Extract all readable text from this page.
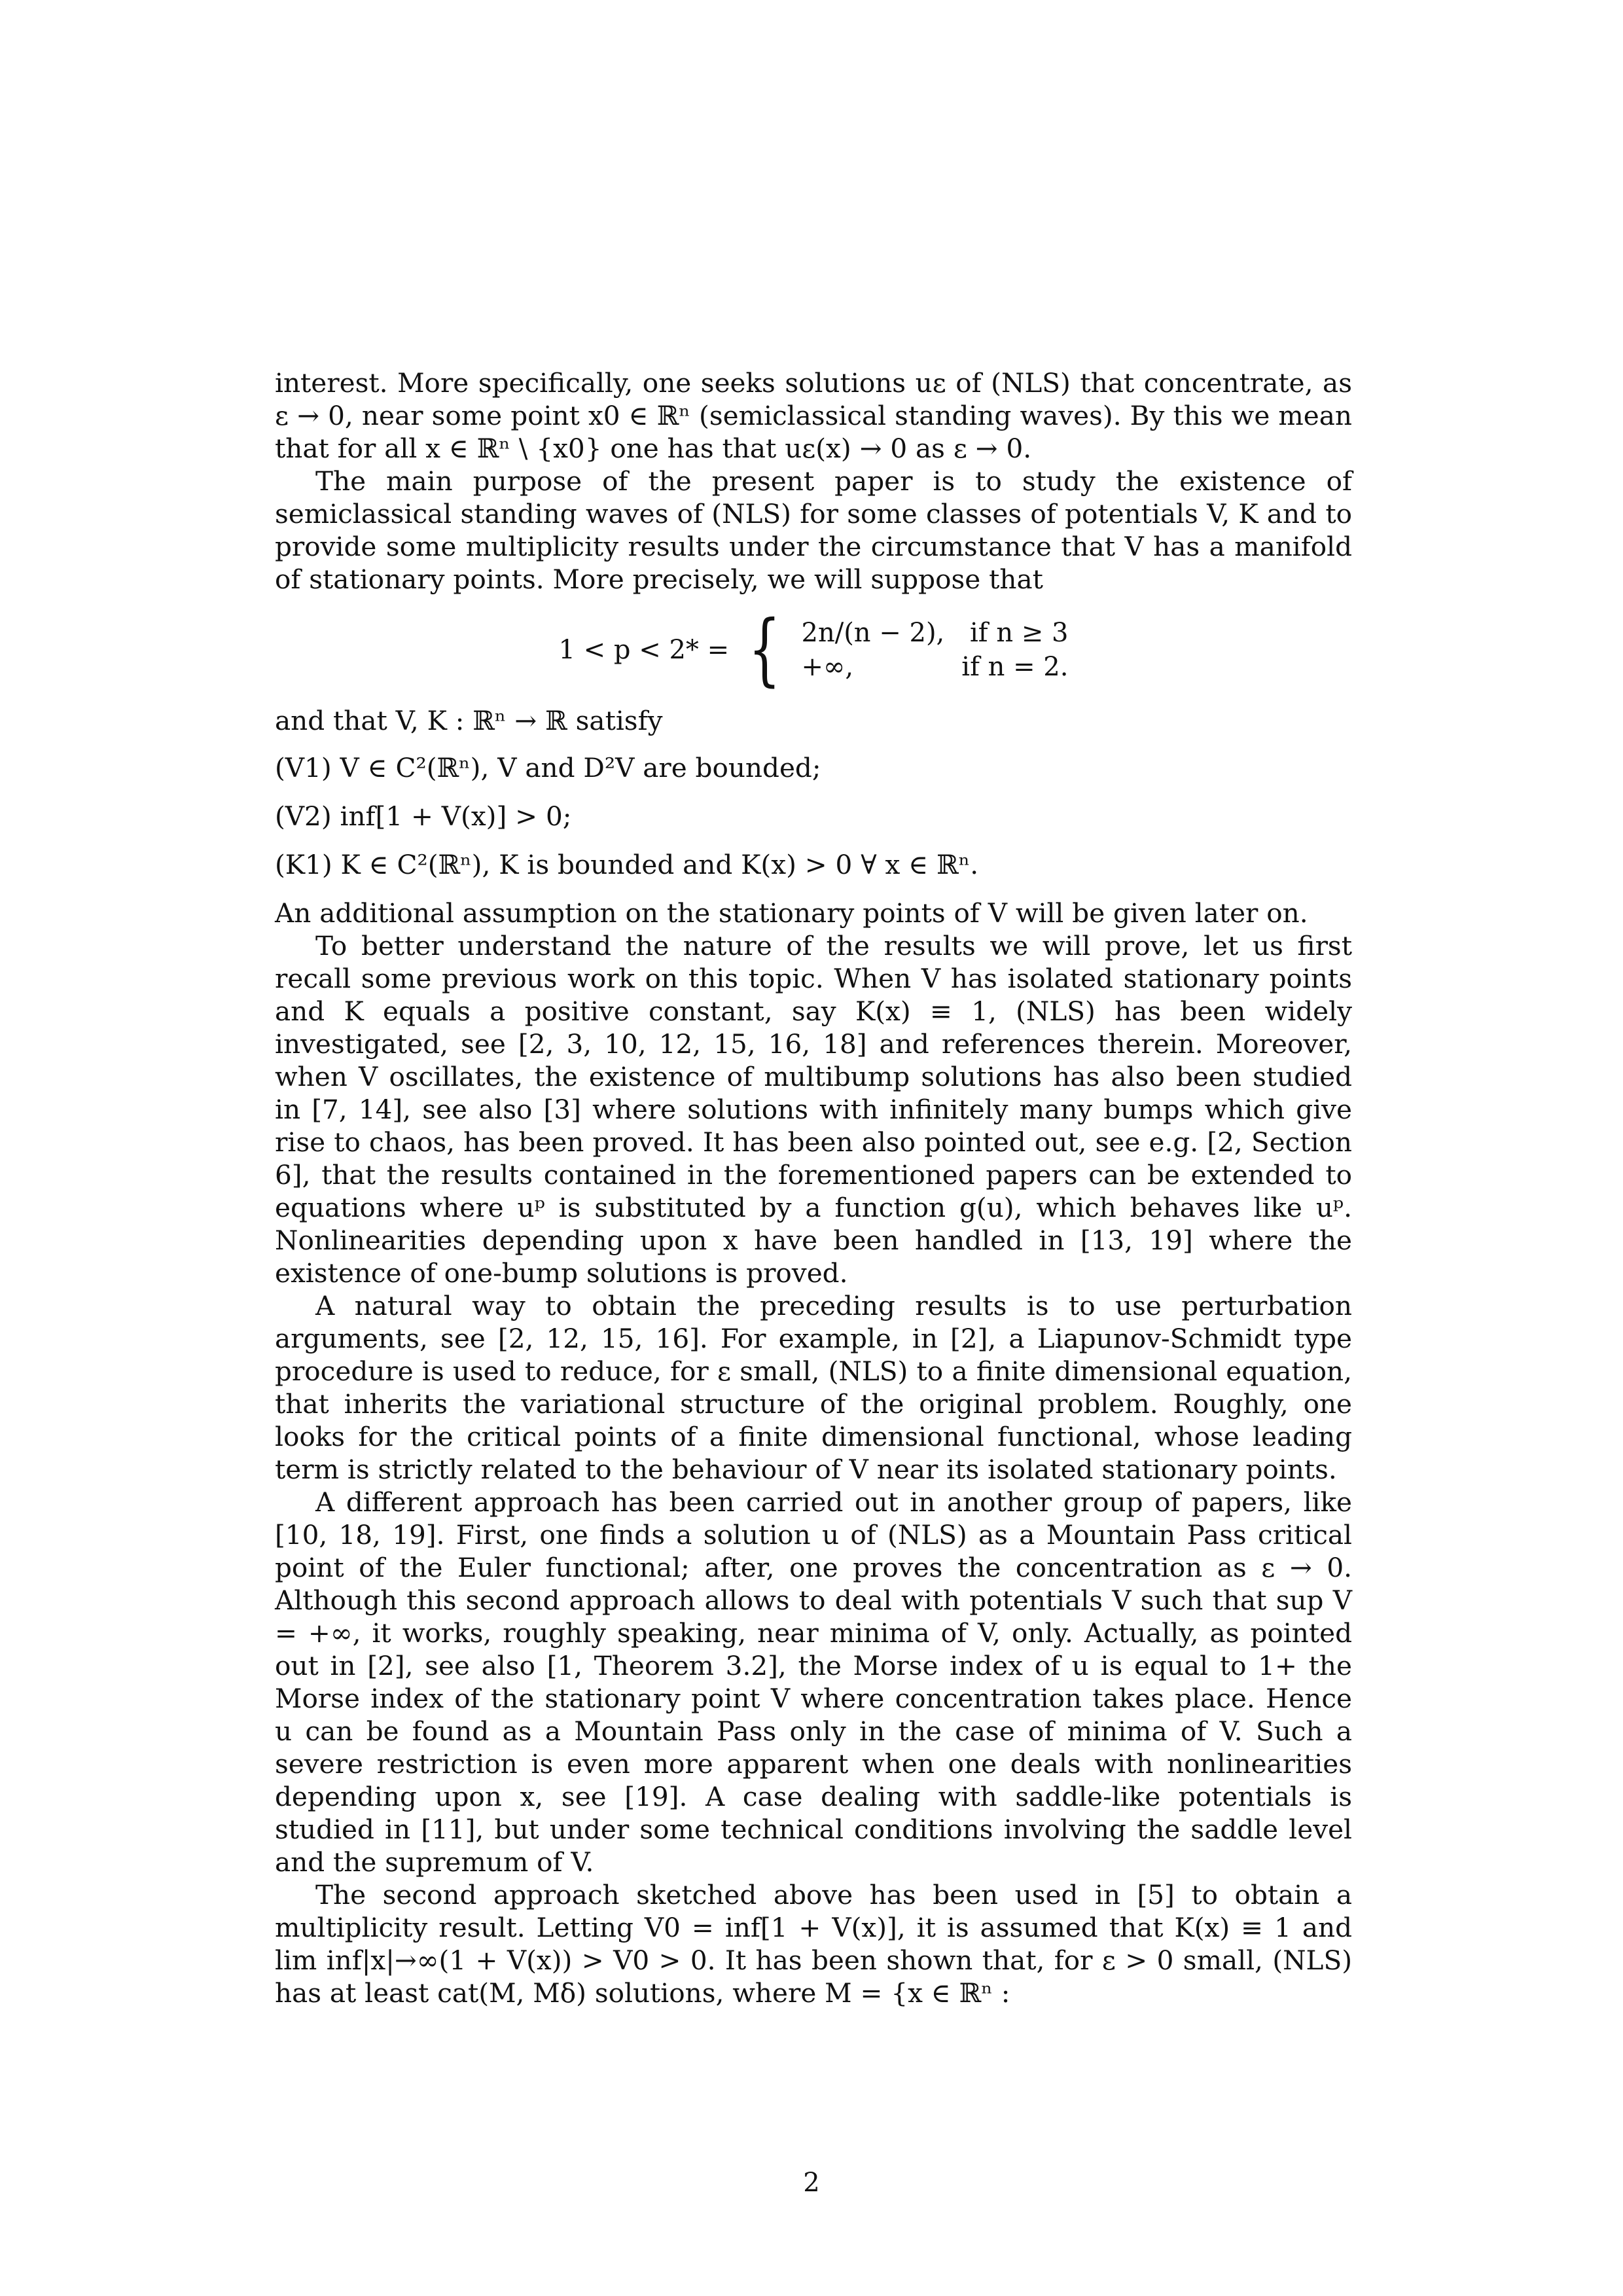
interest. More specifically, one seeks solutions uε of (NLS) that concentrate, as ε → 0, near some point x0 ∈ ℝⁿ (semiclassical standing waves). By this we mean that for all x ∈ ℝⁿ \ {x0} one has that uε(x) → 0 as ε → 0.

The main purpose of the present paper is to study the existence of semiclassical standing waves of (NLS) for some classes of potentials V, K and to provide some multiplicity results under the circumstance that V has a manifold of stationary points. More precisely, we will suppose that

1 < p < 2* = { 2n/(n − 2), if n ≥ 3
+∞,	if n = 2.

and that V, K : ℝⁿ → ℝ satisfy

(V1) V ∈ C²(ℝⁿ), V and D²V are bounded;

(V2) inf[1 + V(x)] > 0;

(K1) K ∈ C²(ℝⁿ), K is bounded and K(x) > 0 ∀ x ∈ ℝⁿ.

An additional assumption on the stationary points of V will be given later on.

To better understand the nature of the results we will prove, let us first recall some previous work on this topic. When V has isolated stationary points and K equals a positive constant, say K(x) ≡ 1, (NLS) has been widely investigated, see [2, 3, 10, 12, 15, 16, 18] and references therein. Moreover, when V oscillates, the existence of multibump solutions has also been studied in [7, 14], see also [3] where solutions with infinitely many bumps which give rise to chaos, has been proved. It has been also pointed out, see e.g. [2, Section 6], that the results contained in the forementioned papers can be extended to equations where uᵖ is substituted by a function g(u), which behaves like uᵖ. Nonlinearities depending upon x have been handled in [13, 19] where the existence of one-bump solutions is proved.

A natural way to obtain the preceding results is to use perturbation arguments, see [2, 12, 15, 16]. For example, in [2], a Liapunov-Schmidt type procedure is used to reduce, for ε small, (NLS) to a finite dimensional equation, that inherits the variational structure of the original problem. Roughly, one looks for the critical points of a finite dimensional functional, whose leading term is strictly related to the behaviour of V near its isolated stationary points.

A different approach has been carried out in another group of papers, like [10, 18, 19]. First, one finds a solution u of (NLS) as a Mountain Pass critical point of the Euler functional; after, one proves the concentration as ε → 0. Although this second approach allows to deal with potentials V such that sup V = +∞, it works, roughly speaking, near minima of V, only. Actually, as pointed out in [2], see also [1, Theorem 3.2], the Morse index of u is equal to 1+ the Morse index of the stationary point V where concentration takes place. Hence u can be found as a Mountain Pass only in the case of minima of V. Such a severe restriction is even more apparent when one deals with nonlinearities depending upon x, see [19]. A case dealing with saddle-like potentials is studied in [11], but under some technical conditions involving the saddle level and the supremum of V.

The second approach sketched above has been used in [5] to obtain a multiplicity result. Letting V0 = inf[1 + V(x)], it is assumed that K(x) ≡ 1 and lim inf|x|→∞(1 + V(x)) > V0 > 0. It has been shown that, for ε > 0 small, (NLS) has at least cat(M, Mδ) solutions, where M = {x ∈ ℝⁿ :

2
